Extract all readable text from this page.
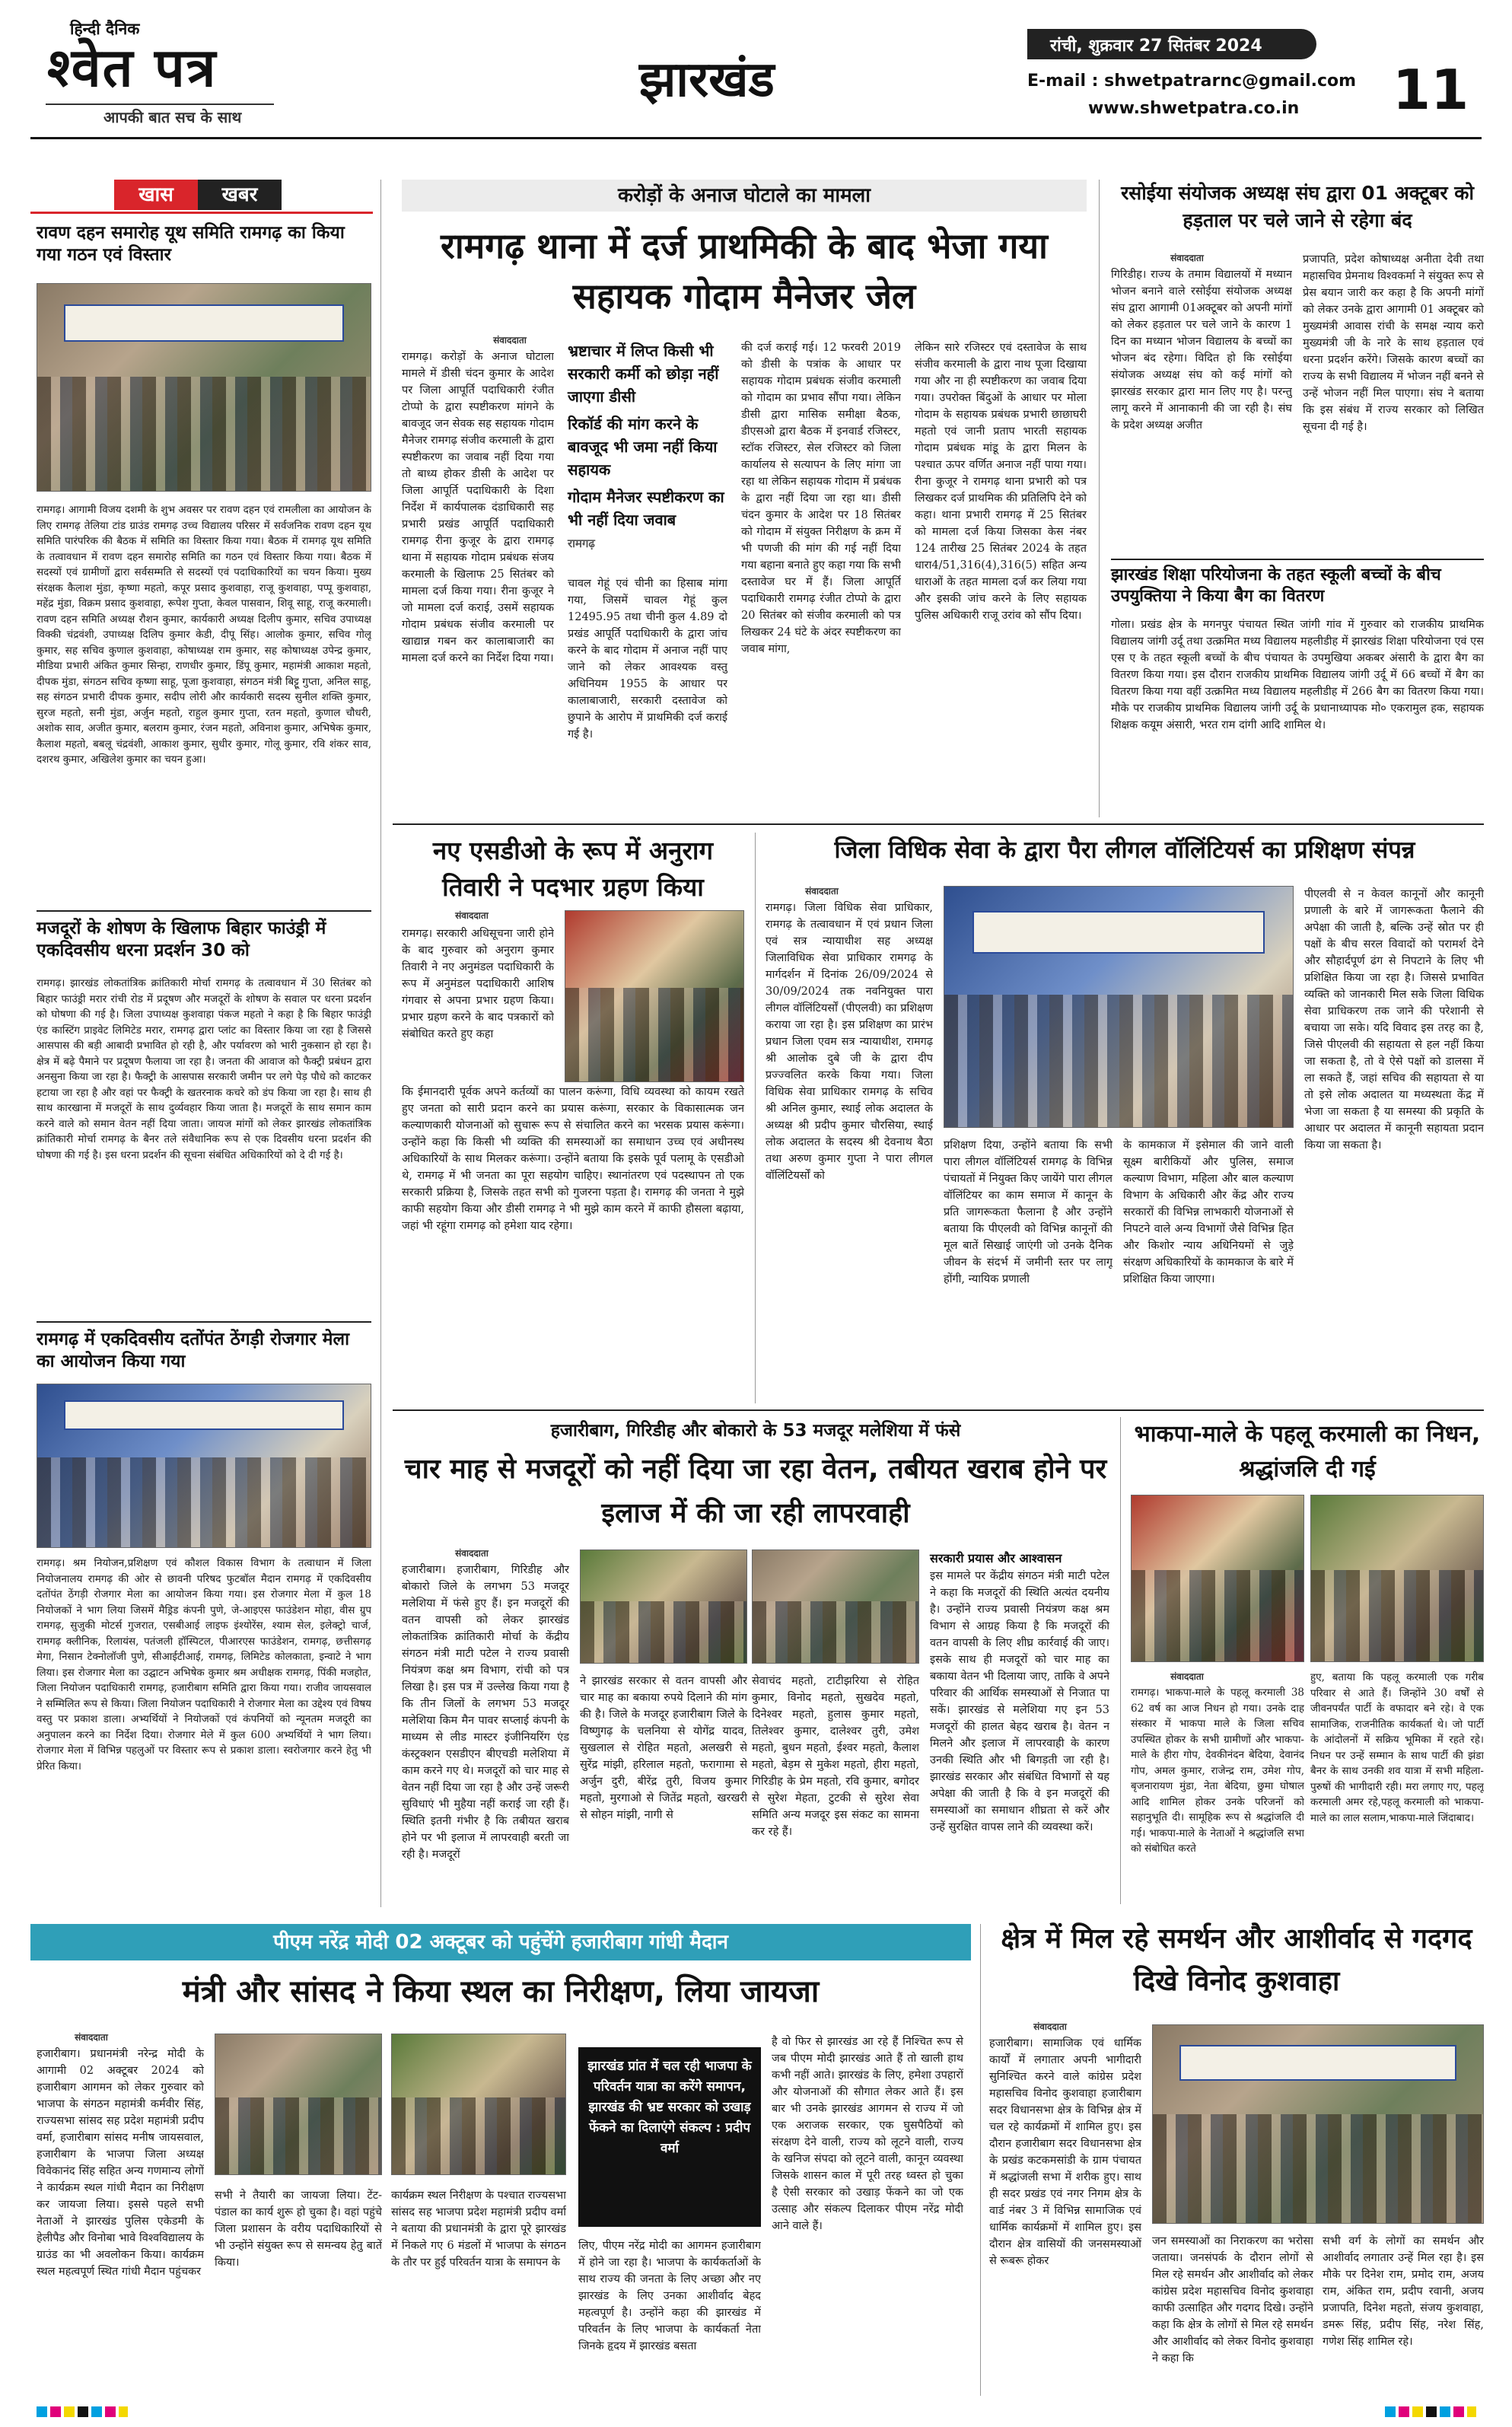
हिन्दी दैनिक
श्वेत पत्र
आपकी बात सच के साथ
झारखंड
रांची, शुक्रवार 27 सितंबर 2024
E-mail : shwetpatrarnc@gmail.com
www.shwetpatra.co.in 11
खास	खबर
रावण दहन समारोह यूथ समिति रामगढ़ का किया गया गठन एवं विस्तार
रामगढ़। आगामी विजय दशमी के शुभ अवसर पर रावण दहन एवं रामलीला का आयोजन के लिए रामगढ़ तेलिया टांड ग्राउंड रामगढ़ उच्च विद्यालय परिसर में सर्वजनिक रावण दहन यूथ समिति पारंपरिक की बैठक में समिति का विस्तार किया गया। बैठक में रामगढ़ यूथ समिति के तत्वावधान में रावण दहन समारोह समिति का गठन एवं विस्तार किया गया। बैठक में सदस्यों एवं ग्रामीणों द्वारा सर्वसम्मति से सदस्यों एवं पदाधिकारियों का चयन किया। मुख्य संरक्षक कैलाश मुंडा, कृष्णा महतो, कपूर प्रसाद कुशवाहा, राजू कुशवाहा, पप्पू कुशवाहा, महेंद्र मुंडा, विक्रम प्रसाद कुशवाहा, रूपेश गुप्ता, केवल पासवान, शिवू साहू, राजू करमाली। रावण दहन समिति अध्यक्ष रौशन कुमार, कार्यकारी अध्यक्ष दिलीप कुमार, सचिव उपाध्यक्ष विक्की चंद्रवंशी, उपाध्यक्ष दिलिप कुमार केडी, दीपू सिंह। आलोक कुमार, सचिव गोलू कुमार, सह सचिव कुणाल कुशवाहा, कोषाध्यक्ष राम कुमार, सह कोषाध्यक्ष उपेन्द्र कुमार, मीडिया प्रभारी अंकित कुमार सिन्हा, राणधीर कुमार, डिंपू कुमार, महामंत्री आकाश महतो, दीपक मुंडा, संगठन सचिव कृष्णा साहू, पूजा कुशवाहा, संगठन मंत्री बिट्टू गुप्ता, अनिल साहू, सह संगठन प्रभारी दीपक कुमार, सदीप लोरी और कार्यकारी सदस्य सुनील शक्ति कुमार, सुरज महतो, सनी मुंडा, अर्जुन महतो, राहुल कुमार गुप्ता, रतन महतो, कुणाल चौधरी, अशोक साव, अजीत कुमार, बलराम कुमार, रंजन महतो, अविनाश कुमार, अभिषेक कुमार, कैलाश महतो, बबलू चंद्रवंशी, आकाश कुमार, सुधीर कुमार, गोलू कुमार, रवि शंकर साव, दशरथ कुमार, अखिलेश कुमार का चयन हुआ।
मजदूरों के शोषण के खिलाफ बिहार फाउंड्री में एकदिवसीय धरना प्रदर्शन 30 को
रामगढ़। झारखंड लोकतांत्रिक क्रांतिकारी मोर्चा रामगढ़ के तत्वावधान में 30 सितंबर को बिहार फाउंड्री मरार रांची रोड में प्रदूषण और मजदूरों के शोषण के सवाल पर धरना प्रदर्शन को घोषणा की गई है। जिला उपाध्यक्ष कुशवाहा पंकज महतो ने कहा है कि बिहार फाउंड्री एंड कास्टिंग प्राइवेट लिमिटेड मरार, रामगढ़ द्वारा प्लांट का विस्तार किया जा रहा है जिससे आसपास की बड़ी आबादी प्रभावित हो रही है, और पर्यावरण को भारी नुकसान हो रहा है। क्षेत्र में बढ़े पैमाने पर प्रदूषण फैलाया जा रहा है। जनता की आवाज को फैक्ट्री प्रबंधन द्वारा अनसुना किया जा रहा है। फैक्ट्री के आसपास सरकारी जमीन पर लगे पेड़ पौधे को काटकर हटाया जा रहा है और वहां पर फैक्ट्री के खतरनाक कचरे को डंप किया जा रहा है। साथ ही साथ कारखाना में मजदूरों के साथ दुर्व्यवहार किया जाता है। मजदूरों के साथ समान काम करने वाले को समान वेतन नहीं दिया जाता। जायज मांगों को लेकर झारखंड लोकतांत्रिक क्रांतिकारी मोर्चा रामगढ़ के बैनर तले संवैधानिक रूप से एक दिवसीय धरना प्रदर्शन की घोषणा की गई है। इस धरना प्रदर्शन की सूचना संबंधित अधिकारियों को दे दी गई है।
रामगढ़ में एकदिवसीय दतोंपंत ठेंगड़ी रोजगार मेला का आयोजन किया गया
रामगढ़। श्रम नियोजन,प्रशिक्षण एवं कौशल विकास विभाग के तत्वाधान में जिला नियोजनालय रामगढ़ की ओर से छावनी परिषद फुटबॉल मैदान रामगढ़ में एकदिवसीय दतोंपंत ठेंगड़ी रोजगार मेला का आयोजन किया गया। इस रोजगार मेला में कुल 18 नियोजकों ने भाग लिया जिसमें मैड्रिड कंपनी पुणे, जे-आइएस फाउंडेशन मोहा, वीस ग्रुप रामगढ़, सुजुकी मोटर्स गुजरात, एसबीआई लाइफ इंश्योरेंस, श्याम सेल, इलेक्ट्रो चार्ज, रामगढ़ क्लीनिक, रिलायंस, पतंजली हॉस्पिटल, पीआरएस फाउंडेशन, रामगढ़, छत्तीसगढ़ मेगा, निसान टेक्नोलॉजी पुणे, सीआईटीआई, रामगढ़, लिमिटेड कोलकाता, इन्वाटे ने भाग लिया। इस रोजगार मेला का उद्घाटन अभिषेक कुमार श्रम अधीक्षक रामगढ़, पिंकी मजहोत, जिला नियोजन पदाधिकारी रामगढ़, हजारीबाग समिति द्वारा किया गया। राजीव जायसवाल ने सम्मिलित रूप से किया। जिला नियोजन पदाधिकारी ने रोजगार मेला का उद्देश्य एवं विषय वस्तु पर प्रकाश डाला। अभ्यर्थियों ने नियोजकों एवं कंपनियों को न्यूनतम मजदूरी का अनुपालन करने का निर्देश दिया। रोजगार मेले में कुल 600 अभ्यर्थियों ने भाग लिया। रोजगार मेला में विभिन्न पहलुओं पर विस्तार रूप से प्रकाश डाला। स्वरोजगार करने हेतु भी प्रेरित किया।
करोड़ों के अनाज घोटाले का मामला
रामगढ़ थाना में दर्ज प्राथमिकी के बाद भेजा गया सहायक गोदाम मैनेजर जेल
संवाददाता
रामगढ़। करोड़ों के अनाज घोटाला मामले में डीसी चंदन कुमार के आदेश पर जिला आपूर्ति पदाधिकारी रंजीत टोप्पो के द्वारा स्पष्टीकरण मांगने के बावजूद जन सेवक सह सहायक गोदाम मैनेजर रामगढ़ संजीव करमाली के द्वारा स्पष्टीकरण का जवाब नहीं दिया गया तो बाध्य होकर डीसी के आदेश पर जिला आपूर्ति पदाधिकारी के दिशा निर्देश में कार्यपालक दंडाधिकारी सह प्रभारी प्रखंड आपूर्ति पदाधिकारी रामगढ़ रीना कुजूर के द्वारा रामगढ़ थाना में सहायक गोदाम प्रबंधक संजय करमाली के खिलाफ 25 सितंबर को मामला दर्ज किया गया। रीना कुजूर ने जो मामला दर्ज कराई, उसमें सहायक गोदाम प्रबंधक संजीव करमाली पर खाद्यान्न गबन कर कालाबाजारी का मामला दर्ज करने का निर्देश दिया गया।
भ्रष्टाचार में लिप्त किसी भी सरकारी कर्मी को छोड़ा नहीं जाएगा डीसी
रिकॉर्ड की मांग करने के बावजूद भी जमा नहीं किया सहायक
गोदाम मैनेजर स्पष्टीकरण का भी नहीं दिया जवाब
रामगढ़
चावल गेहूं एवं चीनी का हिसाब मांगा गया, जिसमें चावल गेहूं कुल 12495.95 तथा चीनी कुल 4.89 दो प्रखंड आपूर्ति पदाधिकारी के द्वारा जांच करने के बाद गोदाम में अनाज नहीं पाए जाने को लेकर आवश्यक वस्तु अधिनियम 1955 के आधार पर कालाबाजारी, सरकारी दस्तावेज को छुपाने के आरोप में प्राथमिकी दर्ज कराई गई है।
की दर्ज कराई गई। 12 फरवरी 2019 को डीसी के पत्रांक के आधार पर सहायक गोदाम प्रबंधक संजीव करमाली को गोदाम का प्रभाव सौंपा गया। लेकिन डीसी द्वारा मासिक समीक्षा बैठक, डीएसओ द्वारा बैठक में इनवार्ड रजिस्टर, स्टॉक रजिस्टर, सेल रजिस्टर को जिला कार्यालय से सत्यापन के लिए मांगा जा रहा था लेकिन सहायक गोदाम में प्रबंधक के द्वारा नहीं दिया जा रहा था। डीसी चंदन कुमार के आदेश पर 18 सितंबर को गोदाम में संयुक्त निरीक्षण के क्रम में भी पणजी की मांग की गई नहीं दिया गया बहाना बनाते हुए कहा गया कि सभी दस्तावेज घर में हैं। जिला आपूर्ति पदाधिकारी रामगढ़ रंजीत टोप्पो के द्वारा 20 सितंबर को संजीव करमाली को पत्र लिखकर 24 घंटे के अंदर स्पष्टीकरण का जवाब मांगा,
लेकिन सारे रजिस्टर एवं दस्तावेज के साथ संजीव करमाली के द्वारा नाथ पूजा दिखाया गया और ना ही स्पष्टीकरण का जवाब दिया गया। उपरोक्त बिंदुओं के आधार पर मोला गोदाम के सहायक प्रबंधक प्रभारी छाछाघरी महतो एवं जानी प्रताप भारती सहायक गोदाम प्रबंधक मांडू के द्वारा मिलन के पश्चात ऊपर वर्णित अनाज नहीं पाया गया। रीना कुजूर ने रामगढ़ थाना प्रभारी को पत्र लिखकर दर्ज प्राथमिक की प्रतिलिपि देने को कहा। थाना प्रभारी रामगढ़ में 25 सितंबर को मामला दर्ज किया जिसका केस नंबर 124 तारीख 25 सितंबर 2024 के तहत धारा4/51,316(4),316(5) सहित अन्य धाराओं के तहत मामला दर्ज कर लिया गया और इसकी जांच करने के लिए सहायक पुलिस अधिकारी राजू उरांव को सौंप दिया।
रसोईया संयोजक अध्यक्ष संघ द्वारा 01 अक्टूबर को हड़ताल पर चले जाने से रहेगा बंद
संवाददाता
गिरिडीह। राज्य के तमाम विद्यालयों में मध्यान भोजन बनाने वाले रसोईया संयोजक अध्यक्ष संघ द्वारा आगामी 01अक्टूबर को अपनी मांगों को लेकर हड़ताल पर चले जाने के कारण 1 दिन का मध्यान भोजन विद्यालय के बच्चों का भोजन बंद रहेगा। विदित हो कि रसोईया संयोजक अध्यक्ष संघ को कई मांगों को झारखंड सरकार द्वारा मान लिए गए है। परन्तु लागू करने में आनाकानी की जा रही है। संघ के प्रदेश अध्यक्ष अजीत
प्रजापति, प्रदेश कोषाध्यक्ष अनीता देवी तथा महासचिव प्रेमनाथ विश्वकर्मा ने संयुक्त रूप से प्रेस बयान जारी कर कहा है कि अपनी मांगों को लेकर उनके द्वारा आगामी 01 अक्टूबर को मुख्यमंत्री आवास रांची के समक्ष न्याय करो मुख्यमंत्री जी के नारे के साथ हड़ताल एवं धरना प्रदर्शन करेंगे। जिसके कारण बच्चों का राज्य के सभी विद्यालय में भोजन नहीं बनने से उन्हें भोजन नहीं मिल पाएगा। संघ ने बताया कि इस संबंध में राज्य सरकार को लिखित सूचना दी गई है।
झारखंड शिक्षा परियोजना के तहत स्कूली बच्चों के बीच उपयुक्तिया ने किया बैग का वितरण
गोला। प्रखंड क्षेत्र के मगनपुर पंचायत स्थित जांगी गांव में गुरुवार को राजकीय प्राथमिक विद्यालय जांगी उर्दू तथा उत्क्रमित मध्य विद्यालय महलीडीह में झारखंड शिक्षा परियोजना एवं एस एस ए के तहत स्कूली बच्चों के बीच पंचायत के उपमुखिया अकबर अंसारी के द्वारा बैग का वितरण किया गया। इस दौरान राजकीय प्राथमिक विद्यालय जांगी उर्दू में 66 बच्चों में बैग का वितरण किया गया वहीं उत्क्रमित मध्य विद्यालय महलीडीह में 266 बैग का वितरण किया गया। मौके पर राजकीय प्राथमिक विद्यालय जांगी उर्दू के प्रधानाध्यापक मो० एकरामुल हक, सहायक शिक्षक कयूम अंसारी, भरत राम दांगी आदि शामिल थे।
नए एसडीओ के रूप में अनुराग तिवारी ने पदभार ग्रहण किया
संवाददाता
रामगढ़। सरकारी अधिसूचना जारी होने के बाद गुरुवार को अनुराग कुमार तिवारी ने नए अनुमंडल पदाधिकारी के रूप में अनुमंडल पदाधिकारी आशिष गंगवार से अपना प्रभार ग्रहण किया। प्रभार ग्रहण करने के बाद पत्रकारों को संबोधित करते हुए कहा
कि ईमानदारी पूर्वक अपने कर्तव्यों का पालन करूंगा, विधि व्यवस्था को कायम रखते हुए जनता को सारी प्रदान करने का प्रयास करूंगा, सरकार के विकासात्मक जन कल्याणकारी योजनाओं को सुचारू रूप से संचालित करने का भरसक प्रयास करूंगा। उन्होंने कहा कि किसी भी व्यक्ति की समस्याओं का समाधान उच्च एवं अधीनस्थ अधिकारियों के साथ मिलकर करूंगा। उन्होंने बताया कि इसके पूर्व पलामू के एसडीओ थे, रामगढ़ में भी जनता का पूरा सहयोग चाहिए। स्थानांतरण एवं पदस्थापन तो एक सरकारी प्रक्रिया है, जिसके तहत सभी को गुजरना पड़ता है। रामगढ़ की जनता ने मुझे काफी सहयोग किया और डीसी रामगढ़ ने भी मुझे काम करने में काफी हौसला बढ़ाया, जहां भी रहूंगा रामगढ़ को हमेशा याद रहेगा।
जिला विधिक सेवा के द्वारा पैरा लीगल वॉलिंटियर्स का प्रशिक्षण संपन्न
संवाददाता
रामगढ़। जिला विधिक सेवा प्राधिकार, रामगढ़ के तत्वावधान में एवं प्रधान जिला एवं सत्र न्यायाधीश सह अध्यक्ष जिलाविधिक सेवा प्राधिकार रामगढ़ के मार्गदर्शन में दिनांक 26/09/2024 से 30/09/2024 तक नवनियुक्त पारा लीगल वॉलिंटियर्सों (पीएलवी) का प्रशिक्षण कराया जा रहा है। इस प्रशिक्षण का प्रारंभ प्रधान जिला एवम सत्र न्यायाधीश, रामगढ़ श्री आलोक दुबे जी के द्वारा दीप प्रज्ज्वलित करके किया गया। जिला विधिक सेवा प्राधिकार रामगढ़ के सचिव श्री अनिल कुमार, स्थाई लोक अदालत के अध्यक्ष श्री प्रदीप कुमार चौरसिया, स्थाई लोक अदालत के सदस्य श्री देवनाथ बैठा तथा अरुण कुमार गुप्ता ने पारा लीगल वॉलिंटियर्सों को
प्रशिक्षण दिया, उन्होंने बताया कि सभी पारा लीगल वॉलिंटियर्स रामगढ़ के विभिन्न पंचायतों में नियुक्त किए जायेंगे पारा लीगल वॉलिंटियर का काम समाज में कानून के प्रति जागरूकता फैलाना है और उन्होंने बताया कि पीएलवी को विभिन्न कानूनों की मूल बातें सिखाई जाएंगी जो उनके दैनिक जीवन के संदर्भ में जमीनी स्तर पर लागू होंगी, न्यायिक प्रणाली
के कामकाज में इसेमाल की जाने वाली सूक्ष्म बारीकियों और पुलिस, समाज कल्याण विभाग, महिला और बाल कल्याण विभाग के अधिकारी और केंद्र और राज्य सरकारों की विभिन्न लाभकारी योजनाओं से निपटने वाले अन्य विभागों जैसे विभिन्न हित और किशोर न्याय अधिनियमों से जुड़े संरक्षण अधिकारियों के कामकाज के बारे में प्रशिक्षित किया जाएगा।
पीएलवी से न केवल कानूनों और कानूनी प्रणाली के बारे में जागरूकता फैलाने की अपेक्षा की जाती है, बल्कि उन्हें स्रोत पर ही पक्षों के बीच सरल विवादों को परामर्श देने और सौहार्दपूर्ण ढंग से निपटाने के लिए भी प्रशिक्षित किया जा रहा है। जिससे प्रभावित व्यक्ति को जानकारी मिल सके जिला विधिक सेवा प्राधिकरण तक जाने की परेशानी से बचाया जा सके। यदि विवाद इस तरह का है, जिसे पीएलवी की सहायता से हल नहीं किया जा सकता है, तो वे ऐसे पक्षों को डालसा में ला सकते हैं, जहां सचिव की सहायता से या तो इसे लोक अदालत या मध्यस्थता केंद्र में भेजा जा सकता है या समस्या की प्रकृति के आधार पर अदालत में कानूनी सहायता प्रदान किया जा सकता है।
हजारीबाग, गिरिडीह और बोकारो के 53 मजदूर मलेशिया में फंसे
चार माह से मजदूरों को नहीं दिया जा रहा वेतन, तबीयत खराब होने पर इलाज में की जा रही लापरवाही
संवाददाता
हजारीबाग। हजारीबाग, गिरिडीह और बोकारो जिले के लगभग 53 मजदूर मलेशिया में फंसे हुए हैं। इन मजदूरों की वतन वापसी को लेकर झारखंड लोकतांत्रिक क्रांतिकारी मोर्चा के केंद्रीय संगठन मंत्री माटी पटेल ने राज्य प्रवासी नियंत्रण कक्ष श्रम विभाग, रांची को पत्र लिखा है। इस पत्र में उल्लेख किया गया है कि तीन जिलों के लगभग 53 मजदूर मलेशिया किम मैन पावर सप्लाई कंपनी के माध्यम से लीड मास्टर इंजीनियरिंग एंड कंस्ट्रक्शन एसडीएन बीएचडी मलेशिया में काम करने गए थे। मजदूरों को चार माह से वेतन नहीं दिया जा रहा है और उन्हें जरूरी सुविधाएं भी मुहैया नहीं कराई जा रही हैं। स्थिति इतनी गंभीर है कि तबीयत खराब होने पर भी इलाज में लापरवाही बरती जा रही है। मजदूरों
ने झारखंड सरकार से वतन वापसी और चार माह का बकाया रुपये दिलाने की मांग की है। जिले के मजदूर हजारीबाग जिले के विष्णुगढ़ के चलनिया से योगेंद्र यादव, सुखलाल से रोहित महतो, अलखरी से सुरेंद्र मांझी, हरिलाल महतो, फरागामा से अर्जुन दुरी, बीरेंद्र तुरी, विजय कुमार महतो, मुरगाओ से जितेंद्र महतो, खरखरी से सोहन मांझी, नागी से
सेवाचंद महतो, टाटीझरिया से रोहित कुमार, विनोद महतो, सुखदेव महतो, दिनेश्वर महतो, हुलास कुमार महतो, तिलेश्वर कुमार, दालेश्वर तुरी, उमेश महतो, बुधन महतो, ईश्वर महतो, कैलाश महतो, बेड़म से मुकेश महतो, हीरा महतो, गिरिडीह के प्रेम महतो, रवि कुमार, बगोदर से सुरेश मेहता, टुटकी से सुरेश सेवा समिति अन्य मजदूर इस संकट का सामना कर रहे हैं।
सरकारी प्रयास और आश्वासन
इस मामले पर केंद्रीय संगठन मंत्री माटी पटेल ने कहा कि मजदूरों की स्थिति अत्यंत दयनीय है। उन्होंने राज्य प्रवासी नियंत्रण कक्ष श्रम विभाग से आग्रह किया है कि मजदूरों की वतन वापसी के लिए शीघ्र कार्रवाई की जाए। इसके साथ ही मजदूरों को चार माह का बकाया वेतन भी दिलाया जाए, ताकि वे अपने परिवार की आर्थिक समस्याओं से निजात पा सकें। झारखंड से मलेशिया गए इन 53 मजदूरों की हालत बेहद खराब है। वेतन न मिलने और इलाज में लापरवाही के कारण उनकी स्थिति और भी बिगड़ती जा रही है। झारखंड सरकार और संबंधित विभागों से यह अपेक्षा की जाती है कि वे इन मजदूरों की समस्याओं का समाधान शीघ्रता से करें और उन्हें सुरक्षित वापस लाने की व्यवस्था करें।
भाकपा-माले के पहलू करमाली का निधन, श्रद्धांजलि दी गई
संवाददाता
रामगढ़। भाकपा-माले के पहलू करमाली 38 62 वर्ष का आज निधन हो गया। उनके दाह संस्कार में भाकपा माले के जिला सचिव उपस्थित होकर के सभी ग्रामीणों और भाकपा-माले के हीरा गोप, देवकीनंदन बेदिया, देवानंद गोप, अमल कुमार, राजेन्द्र राम, उमेश गोप, बृजनारायण मुंडा, नेता बेदिया, छुमा घोषाल आदि शामिल होकर उनके परिजनों को सहानुभूति दी। सामूहिक रूप से श्रद्धांजलि दी गई। भाकपा-माले के नेताओं ने श्रद्धांजलि सभा को संबोधित करते
हुए, बताया कि पहलू करमाली एक गरीब परिवार से आते हैं। जिन्होंने 30 वर्षों से जीवनपर्यंत पार्टी के वफादार बने रहे। वे एक सामाजिक, राजनीतिक कार्यकर्ता थे। जो पार्टी के आंदोलनों में सक्रिय भूमिका में रहते रहे। निधन पर उन्हें सम्मान के साथ पार्टी की झंडा बैनर के साथ उनकी शव यात्रा में सभी महिला-पुरुषों की भागीदारी रही। मरा लगाए गए, पहलू करमाली अमर रहे,पहलू करमाली को भाकपा-माले का लाल सलाम,भाकपा-माले जिंदाबाद।
पीएम नरेंद्र मोदी 02 अक्टूबर को पहुंचेंगे हजारीबाग गांधी मैदान
मंत्री और सांसद ने किया स्थल का निरीक्षण, लिया जायजा
संवाददाता
हजारीबाग। प्रधानमंत्री नरेन्द्र मोदी के आगामी 02 अक्टूबर 2024 को हजारीबाग आगमन को लेकर गुरुवार को भाजपा के संगठन महामंत्री कर्मवीर सिंह, राज्यसभा सांसद सह प्रदेश महामंत्री प्रदीप वर्मा, हजारीबाग सांसद मनीष जायसवाल, हजारीबाग के भाजपा जिला अध्यक्ष विवेकानंद सिंह सहित अन्य गणमान्य लोगों ने कार्यक्रम स्थल गांधी मैदान का निरीक्षण कर जायजा लिया। इससे पहले सभी नेताओं ने झारखंड पुलिस एकेडमी के हेलीपैड और विनोबा भावे विश्वविद्यालय के ग्राउंड का भी अवलोकन किया। कार्यक्रम स्थल महत्वपूर्ण स्थित गांधी मैदान पहुंचकर
सभी ने तैयारी का जायजा लिया। टेंट-पंडाल का कार्य शुरू हो चुका है। वहां पहुंचे जिला प्रशासन के वरीय पदाधिकारियों से भी उन्होंने संयुक्त रूप से समन्वय हेतु बातें किया।
कार्यक्रम स्थल निरीक्षण के पश्चात राज्यसभा सांसद सह भाजपा प्रदेश महामंत्री प्रदीप वर्मा ने बताया की प्रधानमंत्री के द्वारा पूरे झारखंड में निकले गए 6 मंडलों में भाजपा के संगठन के तौर पर हुई परिवर्तन यात्रा के समापन के
झारखंड प्रांत में चल रही भाजपा के परिवर्तन यात्रा का करेंगे समापन, झारखंड की भ्रष्ट सरकार को उखाड़ फेंकने का दिलाएंगे संकल्प : प्रदीप वर्मा
लिए, पीएम नरेंद्र मोदी का आगमन हजारीबाग में होने जा रहा है। भाजपा के कार्यकर्ताओं के साथ राज्य की जनता के लिए अच्छा और नए झारखंड के लिए उनका आशीर्वाद बेहद महत्वपूर्ण है। उन्होंने कहा की झारखंड में परिवर्तन के लिए भाजपा के कार्यकर्ता नेता जिनके हृदय में झारखंड बसता
है वो फिर से झारखंड आ रहे हैं निश्चित रूप से जब पीएम मोदी झारखंड आते हैं तो खाली हाथ कभी नहीं आते। झारखंड के लिए, हमेशा उपहारों और योजनाओं की सौगात लेकर आते हैं। इस बार भी उनके झारखंड आगमन से राज्य में जो एक अराजक सरकार, एक घुसपैठियों को संरक्षण देने वाली, राज्य को लूटने वाली, राज्य के खनिज संपदा को लूटने वाली, कानून व्यवस्था जिसके शासन काल में पूरी तरह ध्वस्त हो चुका है ऐसी सरकार को उखाड़ फेंकने का जो एक उत्साह और संकल्प दिलाकर पीएम नरेंद्र मोदी आने वाले हैं।
क्षेत्र में मिल रहे समर्थन और आशीर्वाद से गदगद दिखे विनोद कुशवाहा
संवाददाता
हजारीबाग। सामाजिक एवं धार्मिक कार्यों में लगातार अपनी भागीदारी सुनिश्चित करने वाले कांग्रेस प्रदेश महासचिव विनोद कुशवाहा हजारीबाग सदर विधानसभा क्षेत्र के विभिन्न क्षेत्र में चल रहे कार्यक्रमों में शामिल हुए। इस दौरान हजारीबाग सदर विधानसभा क्षेत्र के प्रखंड कटकमसांडी के ग्राम पंचायत में श्रद्धांजली सभा में शरीक हुए। साथ ही सदर प्रखंड एवं नगर निगम क्षेत्र के वार्ड नंबर 3 में विभिन्न सामाजिक एवं धार्मिक कार्यक्रमों में शामिल हुए। इस दौरान क्षेत्र वासियों की जनसमस्याओं से रूबरू होकर
जन समस्याओं का निराकरण का भरोसा जताया। जनसंपर्क के दौरान लोगों से मिल रहे समर्थन और आशीर्वाद को लेकर कांग्रेस प्रदेश महासचिव विनोद कुशवाहा काफी उत्साहित और गदगद दिखे। उन्होंने कहा कि क्षेत्र के लोगों से मिल रहे समर्थन और आशीर्वाद को लेकर विनोद कुशवाहा ने कहा कि
सभी वर्ग के लोगों का समर्थन और आशीर्वाद लगातार उन्हें मिल रहा है। इस मौके पर दिनेश राम, प्रमोद राम, अजय राम, अंकित राम, प्रदीप रवानी, अजय प्रजापति, दिनेश महतो, संजय कुशवाहा, डमरू सिंह, प्रदीप सिंह, नरेश सिंह, गणेश सिंह शामिल रहे।
